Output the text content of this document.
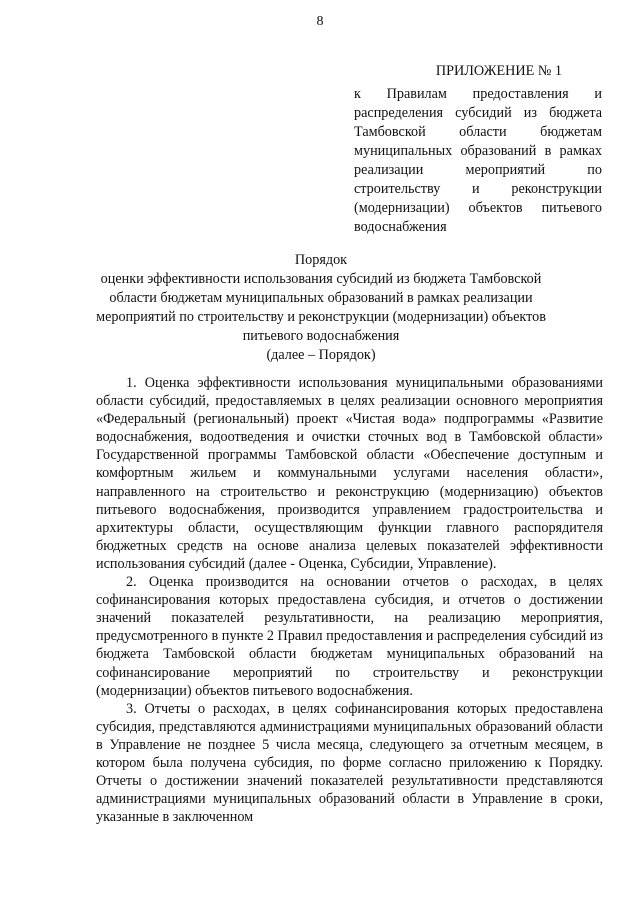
8
ПРИЛОЖЕНИЕ № 1
к Правилам предоставления и распределения субсидий из бюджета Тамбовской области бюджетам муниципальных образований в рамках реализации мероприятий по строительству и реконструкции (модернизации) объектов питьевого водоснабжения
Порядок
оценки эффективности использования субсидий из бюджета Тамбовской области бюджетам муниципальных образований в рамках реализации мероприятий по строительству и реконструкции (модернизации) объектов питьевого водоснабжения
(далее – Порядок)

1. Оценка эффективности использования муниципальными образованиями области субсидий, предоставляемых в целях реализации основного мероприятия «Федеральный (региональный) проект «Чистая вода» подпрограммы «Развитие водоснабжения, водоотведения и очистки сточных вод в Тамбовской области» Государственной программы Тамбовской области «Обеспечение доступным и комфортным жильем и коммунальными услугами населения области», направленного на строительство и реконструкцию (модернизацию) объектов питьевого водоснабжения, производится управлением градостроительства и архитектуры области, осуществляющим функции главного распорядителя бюджетных средств на основе анализа целевых показателей эффективности использования субсидий (далее - Оценка, Субсидии, Управление).

2. Оценка производится на основании отчетов о расходах, в целях софинансирования которых предоставлена субсидия, и отчетов о достижении значений показателей результативности, на реализацию мероприятия, предусмотренного в пункте 2 Правил предоставления и распределения субсидий из бюджета Тамбовской области бюджетам муниципальных образований на софинансирование мероприятий по строительству и реконструкции (модернизации) объектов питьевого водоснабжения.

3. Отчеты о расходах, в целях софинансирования которых предоставлена субсидия, представляются администрациями муниципальных образований области в Управление не позднее 5 числа месяца, следующего за отчетным месяцем, в котором была получена субсидия, по форме согласно приложению к Порядку. Отчеты о достижении значений показателей результативности представляются администрациями муниципальных образований области в Управление в сроки, указанные в заключенном
